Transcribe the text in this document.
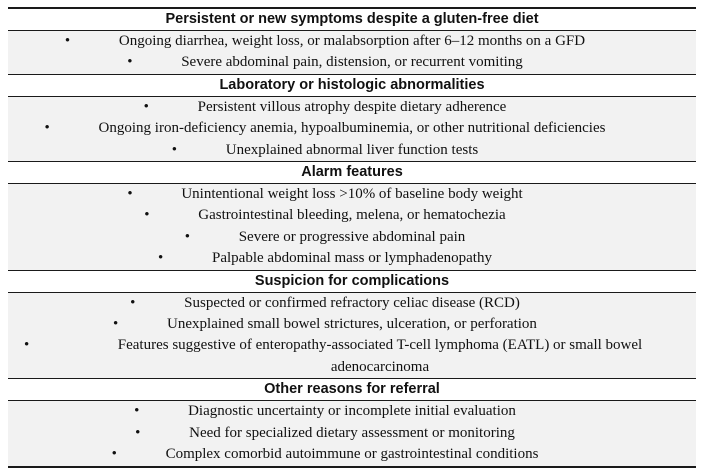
Persistent or new symptoms despite a gluten-free diet
•	Ongoing diarrhea, weight loss, or malabsorption after 6–12 months on a GFD
•	Severe abdominal pain, distension, or recurrent vomiting
Laboratory or histologic abnormalities
•	Persistent villous atrophy despite dietary adherence
•	Ongoing iron-deficiency anemia, hypoalbuminemia, or other nutritional deficiencies
•	Unexplained abnormal liver function tests
Alarm features
•	Unintentional weight loss >10% of baseline body weight
•	Gastrointestinal bleeding, melena, or hematochezia
•	Severe or progressive abdominal pain
•	Palpable abdominal mass or lymphadenopathy
Suspicion for complications
•	Suspected or confirmed refractory celiac disease (RCD)
•	Unexplained small bowel strictures, ulceration, or perforation
•	Features suggestive of enteropathy-associated T-cell lymphoma (EATL) or small bowel adenocarcinoma
Other reasons for referral
•	Diagnostic uncertainty or incomplete initial evaluation
•	Need for specialized dietary assessment or monitoring
•	Complex comorbid autoimmune or gastrointestinal conditions
